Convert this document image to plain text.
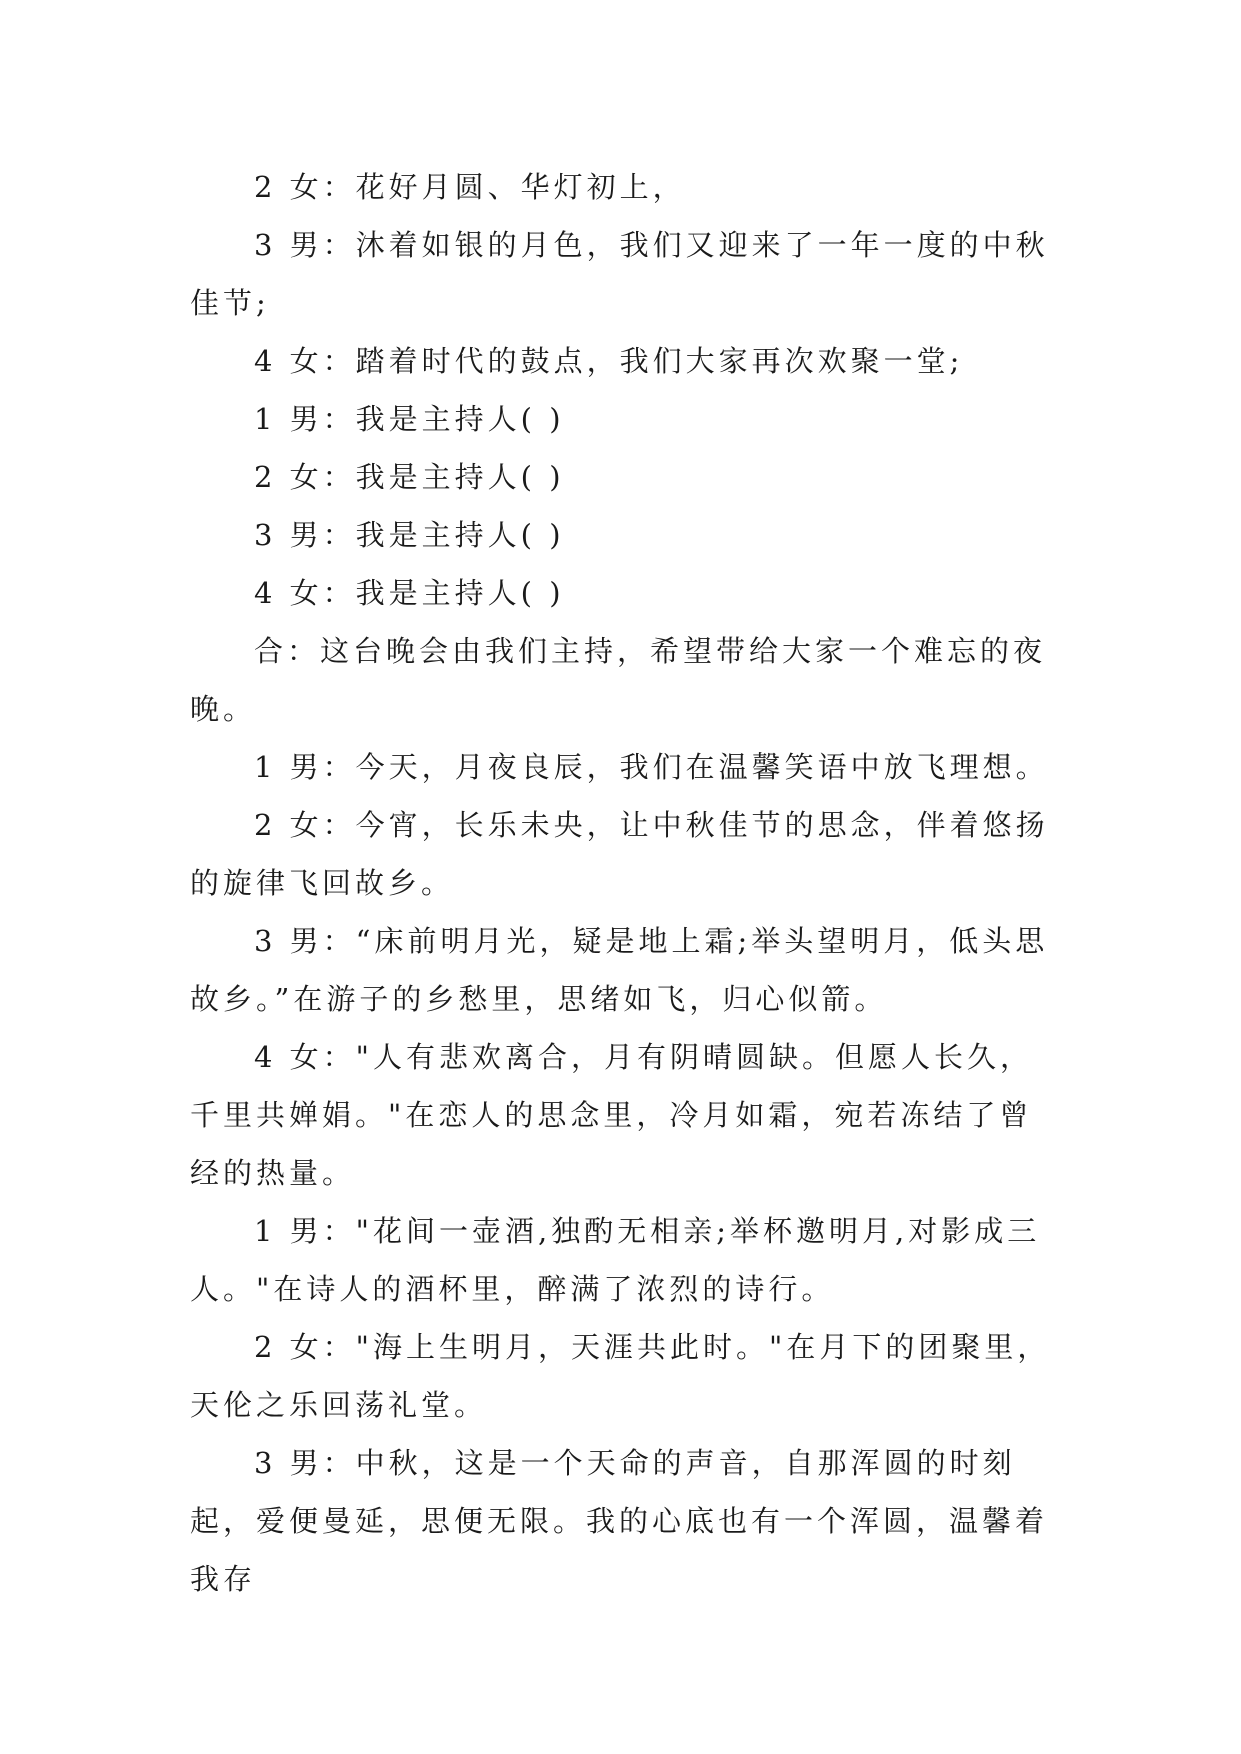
2 女：花好月圆、华灯初上，

3 男：沐着如银的月色，我们又迎来了一年一度的中秋佳节;

4 女：踏着时代的鼓点，我们大家再次欢聚一堂;

1 男：我是主持人( )

2 女：我是主持人( )

3 男：我是主持人( )

4 女：我是主持人( )

合：这台晚会由我们主持，希望带给大家一个难忘的夜晚。

1 男：今天，月夜良辰，我们在温馨笑语中放飞理想。

2 女：今宵，长乐未央，让中秋佳节的思念，伴着悠扬的旋律飞回故乡。

3 男：“床前明月光，疑是地上霜;举头望明月，低头思故乡。”在游子的乡愁里，思绪如飞，归心似箭。

4 女："人有悲欢离合，月有阴晴圆缺。但愿人长久，千里共婵娟。"在恋人的思念里，冷月如霜，宛若冻结了曾经的热量。

1 男："花间一壶酒,独酌无相亲;举杯邀明月,对影成三人。"在诗人的酒杯里，醉满了浓烈的诗行。

2 女："海上生明月，天涯共此时。"在月下的团聚里，天伦之乐回荡礼堂。

3 男：中秋，这是一个天命的声音，自那浑圆的时刻起，爱便曼延，思便无限。我的心底也有一个浑圆，温馨着我存
